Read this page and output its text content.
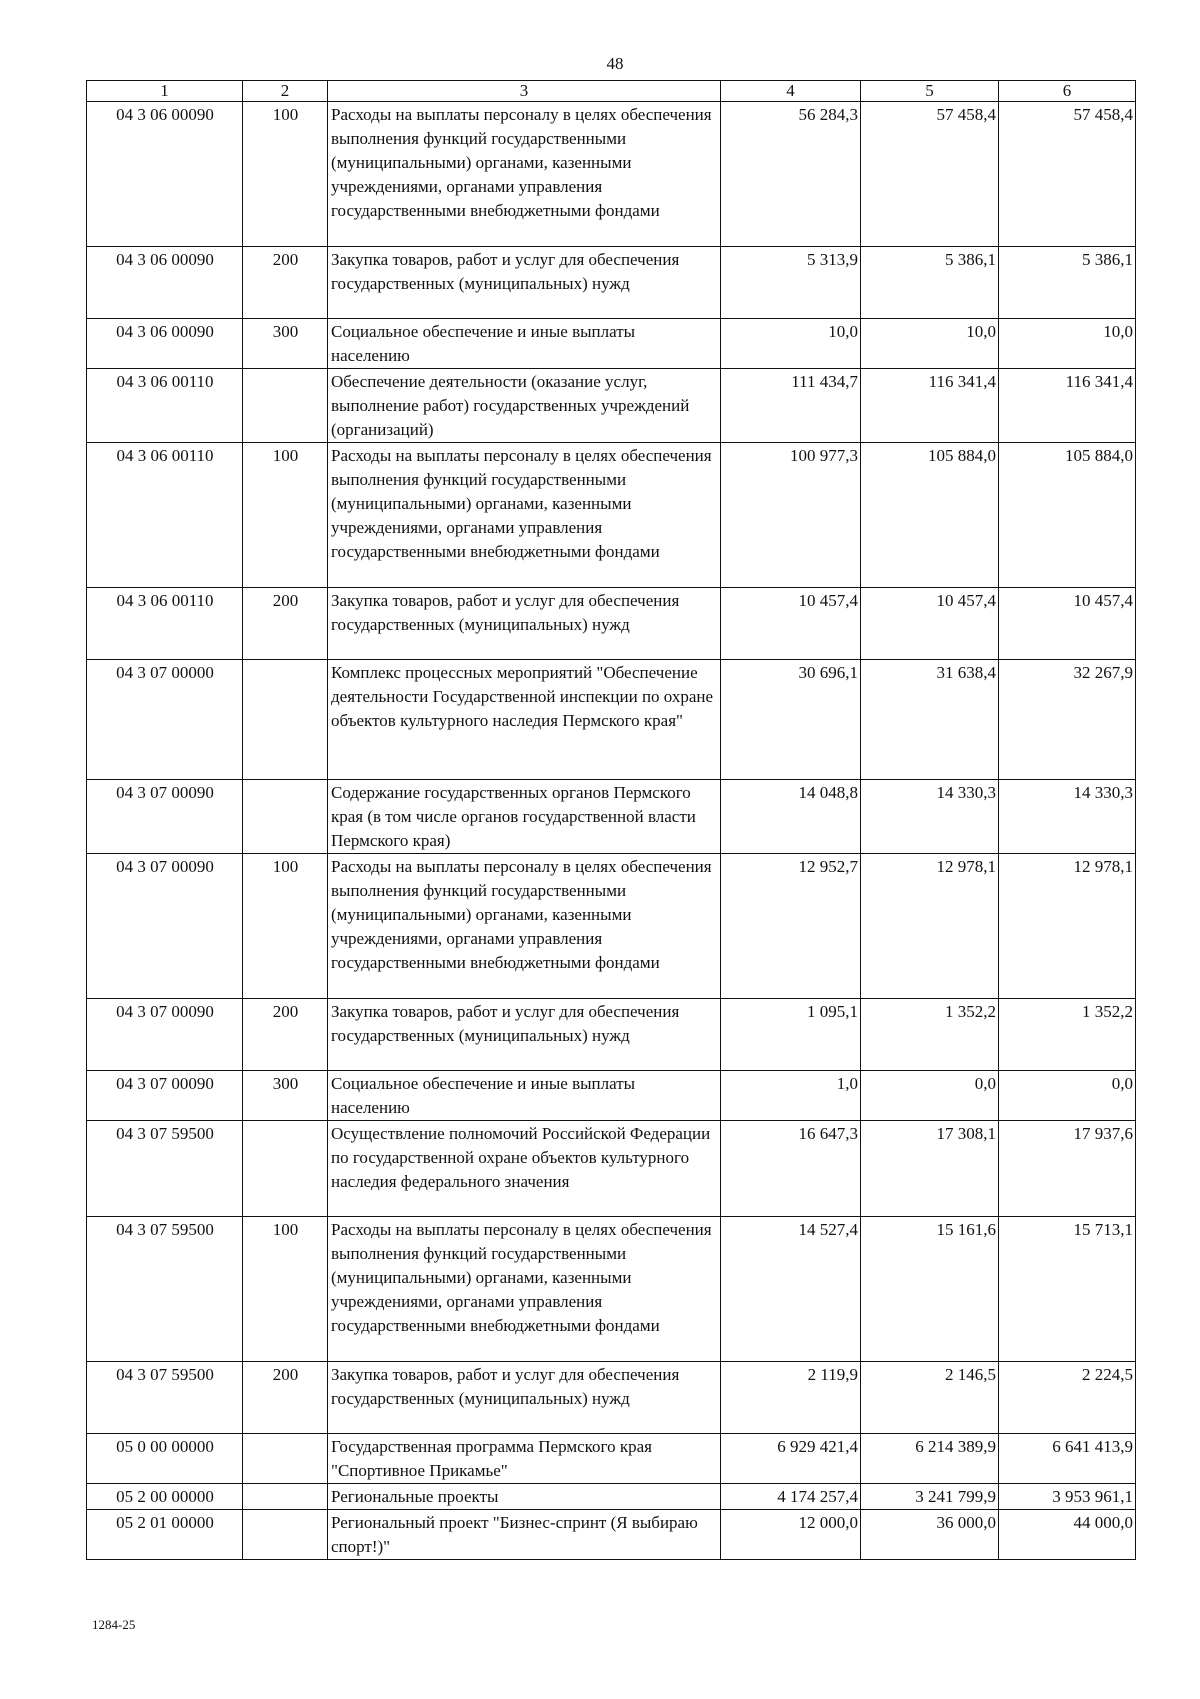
48
1	2	3	4	5	6
04 3 06 00090	100	Расходы на выплаты персоналу в целях обеспечения выполнения функций государственными (муниципальными) органами, казенными учреждениями, органами управления государственными внебюджетными фондами	56 284,3	57 458,4	57 458,4
04 3 06 00090	200	Закупка товаров, работ и услуг для обеспечения государственных (муниципальных) нужд	5 313,9	5 386,1	5 386,1
04 3 06 00090	300	Социальное обеспечение и иные выплаты населению	10,0	10,0	10,0
04 3 06 00110		Обеспечение деятельности (оказание услуг, выполнение работ) государственных учреждений (организаций)	111 434,7	116 341,4	116 341,4
04 3 06 00110	100	Расходы на выплаты персоналу в целях обеспечения выполнения функций государственными (муниципальными) органами, казенными учреждениями, органами управления государственными внебюджетными фондами	100 977,3	105 884,0	105 884,0
04 3 06 00110	200	Закупка товаров, работ и услуг для обеспечения государственных (муниципальных) нужд	10 457,4	10 457,4	10 457,4
04 3 07 00000		Комплекс процессных мероприятий "Обеспечение деятельности Государственной инспекции по охране объектов культурного наследия Пермского края"	30 696,1	31 638,4	32 267,9
04 3 07 00090		Содержание государственных органов Пермского края (в том числе органов государственной власти Пермского края)	14 048,8	14 330,3	14 330,3
04 3 07 00090	100	Расходы на выплаты персоналу в целях обеспечения выполнения функций государственными (муниципальными) органами, казенными учреждениями, органами управления государственными внебюджетными фондами	12 952,7	12 978,1	12 978,1
04 3 07 00090	200	Закупка товаров, работ и услуг для обеспечения государственных (муниципальных) нужд	1 095,1	1 352,2	1 352,2
04 3 07 00090	300	Социальное обеспечение и иные выплаты населению	1,0	0,0	0,0
04 3 07 59500		Осуществление полномочий Российской Федерации по государственной охране объектов культурного наследия федерального значения	16 647,3	17 308,1	17 937,6
04 3 07 59500	100	Расходы на выплаты персоналу в целях обеспечения выполнения функций государственными (муниципальными) органами, казенными учреждениями, органами управления государственными внебюджетными фондами	14 527,4	15 161,6	15 713,1
04 3 07 59500	200	Закупка товаров, работ и услуг для обеспечения государственных (муниципальных) нужд	2 119,9	2 146,5	2 224,5
05 0 00 00000		Государственная программа Пермского края "Спортивное Прикамье"	6 929 421,4	6 214 389,9	6 641 413,9
05 2 00 00000		Региональные проекты	4 174 257,4	3 241 799,9	3 953 961,1
05 2 01 00000		Региональный проект "Бизнес-спринт (Я выбираю спорт!)"	12 000,0	36 000,0	44 000,0
1284-25
